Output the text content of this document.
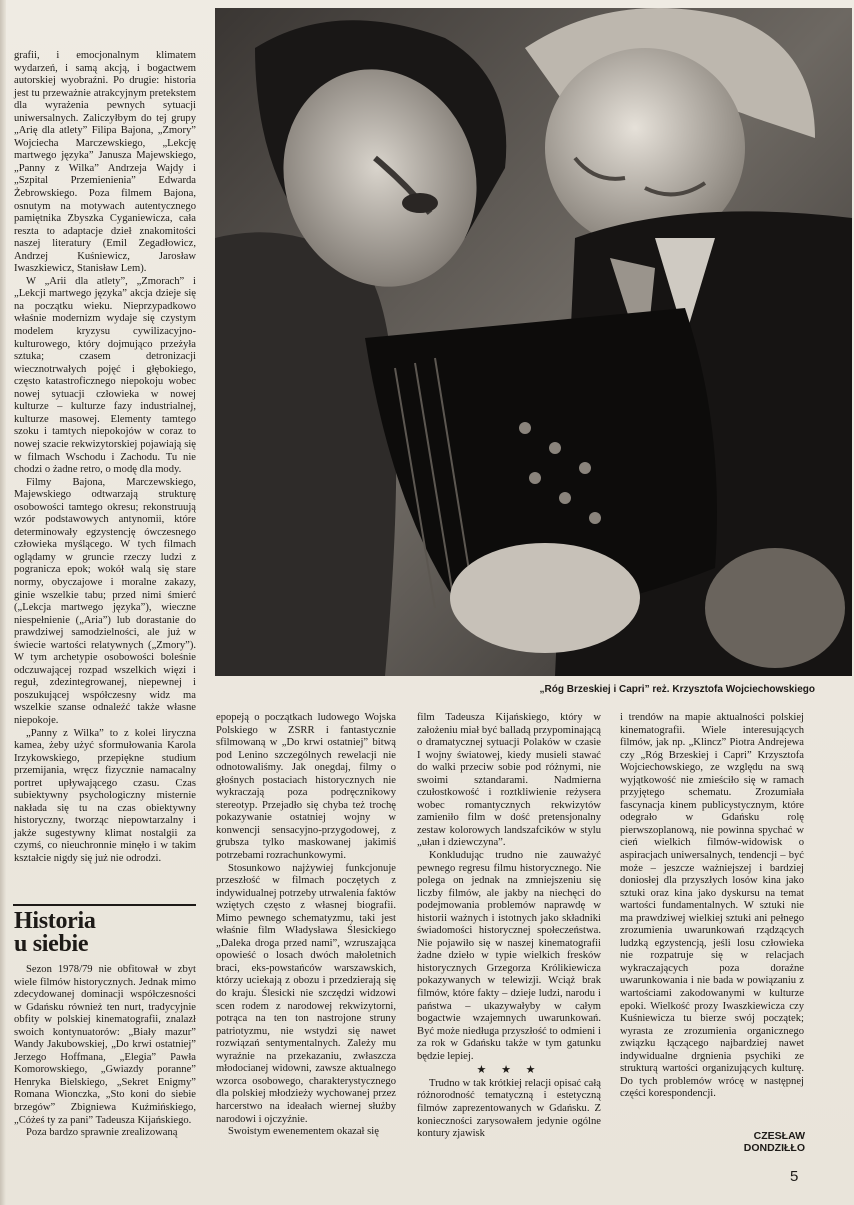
grafii, i emocjonalnym klimatem wydarzeń, i samą akcją, i bogactwem autorskiej wyobraźni. Po drugie: historia jest tu przeważnie atrakcyjnym pretekstem dla wyrażenia pewnych sytuacji uniwersalnych. Zaliczyłbym do tej grupy „Arię dla atlety” Filipa Bajona, „Zmory” Wojciecha Marczewskiego, „Lekcję martwego języka” Janusza Majewskiego, „Panny z Wilka” Andrzeja Wajdy i „Szpital Przemienienia” Edwarda Żebrowskiego. Poza filmem Bajona, osnutym na motywach autentycznego pamiętnika Zbyszka Cyganiewicza, cała reszta to adaptacje dzieł znakomitości naszej literatury (Emil Zegadłowicz, Andrzej Kuśniewicz, Jarosław Iwaszkiewicz, Stanisław Lem).

W „Arii dla atlety”, „Zmorach” i „Lekcji martwego języka” akcja dzieje się na początku wieku. Nieprzypadkowo właśnie modernizm wydaje się czystym modelem kryzysu cywilizacyjno-kulturowego, który dojmująco przeżyła sztuka; czasem detronizacji wiecznotrwałych pojęć i głębokiego, często katastroficznego niepokoju wobec nowej sytuacji człowieka w nowej kulturze – kulturze fazy industrialnej, kulturze masowej. Elementy tamtego szoku i tamtych niepokojów w coraz to nowej szacie rekwizytorskiej pojawiają się w filmach Wschodu i Zachodu. Tu nie chodzi o żadne retro, o modę dla mody.

Filmy Bajona, Marczewskiego, Majewskiego odtwarzają strukturę osobowości tamtego okresu; rekonstruują wzór podstawowych antynomii, które determinowały egzystencję ówczesnego człowieka myślącego. W tych filmach oglądamy w gruncie rzeczy ludzi z pogranicza epok; wokół walą się stare normy, obyczajowe i moralne zakazy, ginie wszelkie tabu; przed nimi śmierć („Lekcja martwego języka”), wieczne niespełnienie („Aria”) lub dorastanie do prawdziwej samodzielności, ale już w świecie wartości relatywnych („Zmory”). W tym archetypie osobowości boleśnie odczuwającej rozpad wszelkich więzi i reguł, zdezintegrowanej, niepewnej i poszukującej współczesny widz ma wszelkie szanse odnaleźć także własne niepokoje.

„Panny z Wilka” to z kolei liryczna kamea, żeby użyć sformułowania Karola Irzykowskiego, przepiękne studium przemijania, wręcz fizycznie namacalny portret upływającego czasu. Czas subiektywny psychologiczny misternie nakłada się tu na czas obiektywny historyczny, tworząc niepowtarzalny i jakże sugestywny klimat nostalgii za czymś, co nieuchronnie minęło i w takim kształcie nigdy się już nie odrodzi.

Historia
u siebie

Sezon 1978/79 nie obfitował w zbyt wiele filmów historycznych. Jednak mimo zdecydowanej dominacji współczesności w Gdańsku również ten nurt, tradycyjnie obfity w polskiej kinematografii, znalazł swoich kontynuatorów: „Biały mazur” Wandy Jakubowskiej, „Do krwi ostatniej” Jerzego Hoffmana, „Elegia” Pawła Komorowskiego, „Gwiazdy poranne” Henryka Bielskiego, „Sekret Enigmy” Romana Wionczka, „Sto koni do siebie brzegów” Zbigniewa Kuźmińskiego, „Cóżeś ty za pani” Tadeusza Kijańskiego.

Poza bardzo sprawnie zrealizowaną

„Róg Brzeskiej i Capri” reż. Krzysztofa Wojciechowskiego

epopeją o początkach ludowego Wojska Polskiego w ZSRR i fantastycznie sfilmowaną w „Do krwi ostatniej” bitwą pod Lenino szczególnych rewelacji nie odnotowaliśmy. Jak onegdaj, filmy o głośnych postaciach historycznych nie wykraczają poza podręcznikowy stereotyp. Przejadło się chyba też trochę pokazywanie ostatniej wojny w konwencji sensacyjno-przygodowej, z grubsza tylko maskowanej jakimiś potrzebami rozrachunkowymi.

Stosunkowo najżywiej funkcjonuje przeszłość w filmach poczętych z indywidualnej potrzeby utrwalenia faktów wziętych często z własnej biografii. Mimo pewnego schematyzmu, taki jest właśnie film Władysława Ślesickiego „Daleka droga przed nami”, wzruszająca opowieść o losach dwóch małoletnich braci, eks-powstańców warszawskich, którzy uciekają z obozu i przedzierają się do kraju. Ślesicki nie szczędzi widzowi scen rodem z narodowej rekwizytorni, potrąca na ten ton nastrojone struny patriotyzmu, nie wstydzi się nawet rozwiązań sentymentalnych. Zależy mu wyraźnie na przekazaniu, zwłaszcza młodocianej widowni, zawsze aktualnego wzorca osobowego, charakterystycznego dla polskiej młodzieży wychowanej przez harcerstwo na ideałach wiernej służby narodowi i ojczyźnie.

Swoistym ewenementem okazał się

film Tadeusza Kijańskiego, który w założeniu miał być balladą przypominającą o dramatycznej sytuacji Polaków w czasie I wojny światowej, kiedy musieli stawać do walki przeciw sobie pod różnymi, nie swoimi sztandarami. Nadmierna czułostkowość i roztkliwienie reżysera wobec romantycznych rekwizytów zamieniło film w dość pretensjonalny zestaw kolorowych landszafcików w stylu „ułan i dziewczyna”.

Konkludując trudno nie zauważyć pewnego regresu filmu historycznego. Nie polega on jednak na zmniejszeniu się liczby filmów, ale jakby na niechęci do podejmowania problemów naprawdę w historii ważnych i istotnych jako składniki świadomości historycznej społeczeństwa. Nie pojawiło się w naszej kinematografii żadne dzieło w typie wielkich fresków historycznych Grzegorza Królikiewicza pokazywanych w telewizji. Wciąż brak filmów, które fakty – dzieje ludzi, narodu i państwa – ukazywałyby w całym bogactwie wzajemnych uwarunkowań. Być może niedługa przyszłość to odmieni i za rok w Gdańsku także w tym gatunku będzie lepiej.

★ ★ ★

Trudno w tak krótkiej relacji opisać całą różnorodność tematyczną i estetyczną filmów zaprezentowanych w Gdańsku. Z konieczności zarysowałem jedynie ogólne kontury zjawisk

i trendów na mapie aktualności polskiej kinematografii. Wiele interesujących filmów, jak np. „Klincz” Piotra Andrejewa czy „Róg Brzeskiej i Capri” Krzysztofa Wojciechowskiego, ze względu na swą wyjątkowość nie zmieściło się w ramach przyjętego schematu. Zrozumiała fascynacja kinem publicystycznym, które odegrało w Gdańsku rolę pierwszoplanową, nie powinna spychać w cień wielkich filmów-widowisk o aspiracjach uniwersalnych, tendencji – być może – jeszcze ważniejszej i bardziej doniosłej dla przyszłych losów kina jako sztuki oraz kina jako dyskursu na temat wartości fundamentalnych. W sztuki nie ma prawdziwej wielkiej sztuki ani pełnego zrozumienia uwarunkowań rządzących ludzką egzystencją, jeśli losu człowieka nie rozpatruje się w relacjach wykraczających poza doraźne uwarunkowania i nie bada w powiązaniu z wartościami zakodowanymi w kulturze epoki. Wielkość prozy Iwaszkiewicza czy Kuśniewicza tu bierze swój początek; wyrasta ze zrozumienia organicznego związku łączącego najbardziej nawet indywidualne drgnienia psychiki ze strukturą wartości organizujących kulturę. Do tych problemów wrócę w następnej części korespondencji.

CZESŁAW
DONDZIŁŁO
5
